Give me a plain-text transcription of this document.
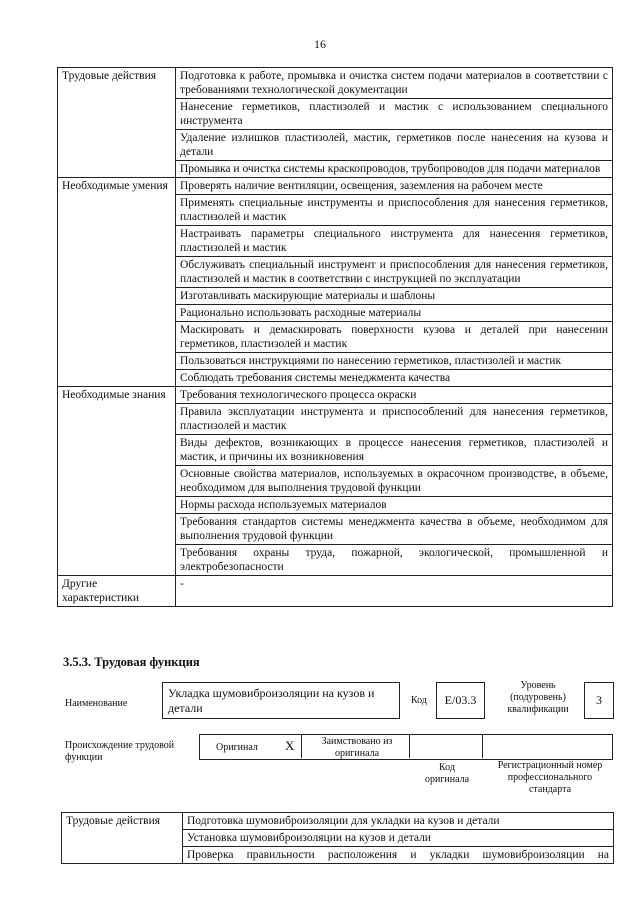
16
Трудовые действия	Подготовка к работе, промывка и очистка систем подачи материалов в соответствии с требованиями технологической документации
	Нанесение герметиков, пластизолей и мастик с использованием специального инструмента
	Удаление излишков пластизолей, мастик, герметиков после нанесения на кузова и детали
	Промывка и очистка системы краскопроводов, трубопроводов для подачи материалов
Необходимые умения	Проверять наличие вентиляции, освещения, заземления на рабочем месте
	Применять специальные инструменты и приспособления для нанесения герметиков, пластизолей и мастик
	Настраивать параметры специального инструмента для нанесения герметиков, пластизолей и мастик
	Обслуживать специальный инструмент и приспособления для нанесения герметиков, пластизолей и мастик в соответствии с инструкцией по эксплуатации
	Изготавливать маскирующие материалы и шаблоны
	Рационально использовать расходные материалы
	Маскировать и демаскировать поверхности кузова и деталей при нанесении герметиков, пластизолей и мастик
	Пользоваться инструкциями по нанесению герметиков, пластизолей и мастик
	Соблюдать требования системы менеджмента качества
Необходимые знания	Требования технологического процесса окраски
	Правила эксплуатации инструмента и приспособлений для нанесения герметиков, пластизолей и мастик
	Виды дефектов, возникающих в процессе нанесения герметиков, пластизолей и мастик, и причины их возникновения
	Основные свойства материалов, используемых в окрасочном производстве, в объеме, необходимом для выполнения трудовой функции
	Нормы расхода используемых материалов
	Требования стандартов системы менеджмента качества в объеме, необходимом для выполнения трудовой функции
	Требования охраны труда, пожарной, экологической, промышленной и электробезопасности
Другие характеристики	-
3.5.3. Трудовая функция
Наименование
Укладка шумовиброизоляции на кузов и детали
Код	E/03.3
Уровень (подуровень) квалификации
3
Происхождение трудовой функции
Оригинал X	Заимствовано из оригинала
Код оригинала
Регистрационный номер профессионального стандарта
Трудовые действия	Подготовка шумовиброизоляции для укладки на кузов и детали
Установка шумовиброизоляции на кузов и детали
Проверка правильности расположения и укладки шумовиброизоляции на
